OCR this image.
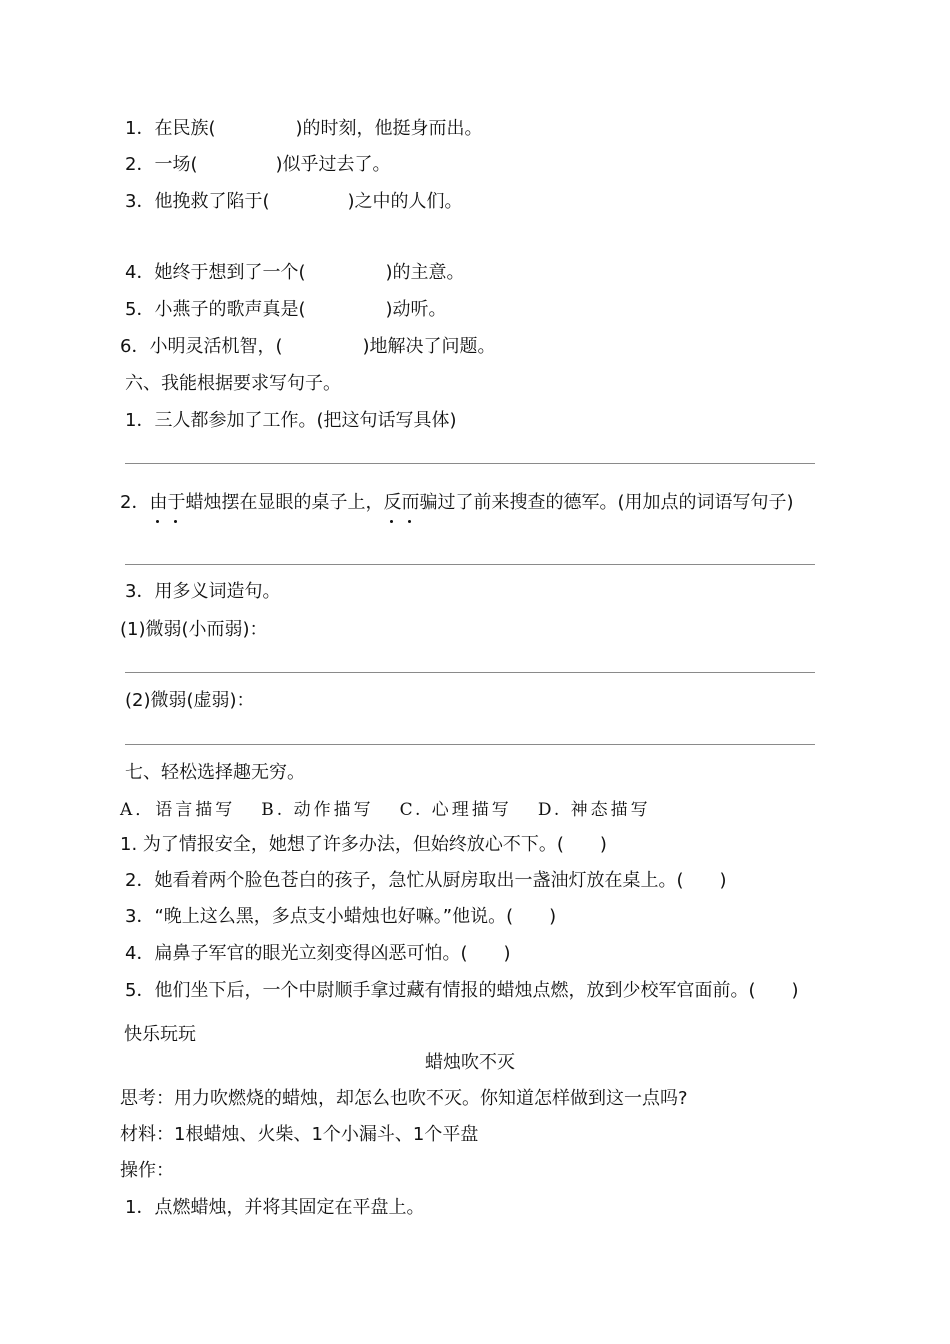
1．在民族(	)的时刻，他挺身而出。
2．一场(	)似乎过去了。
3．他挽救了陷于(	)之中的人们。
4．她终于想到了一个(	)的主意。
5．小燕子的歌声真是(	)动听。
6．小明灵活机智，(	)地解决了问题。
六、我能根据要求写句子。
1．三人都参加了工作。(把这句话写具体)
2．由于蜡烛摆在显眼的桌子上，反而骗过了前来搜查的德军。(用加点的词语写句子)
3．用多义词造句。
(1)微弱(小而弱)：
(2)微弱(虚弱)：
七、轻松选择趣无穷。
A．语言描写 B. 动作描写 C. 心理描写 D. 神态描写
1. 为了情报安全，她想了许多办法，但始终放心不下。(　　)
2．她看着两个脸色苍白的孩子，急忙从厨房取出一盏油灯放在桌上。(　　)
3．“晚上这么黑，多点支小蜡烛也好嘛。”他说。(　　)
4．扁鼻子军官的眼光立刻变得凶恶可怕。(　　)
5．他们坐下后，一个中尉顺手拿过藏有情报的蜡烛点燃，放到少校军官面前。(　　)
快乐玩玩
蜡烛吹不灭
思考：用力吹燃烧的蜡烛，却怎么也吹不灭。你知道怎样做到这一点吗?
材料：1根蜡烛、火柴、1个小漏斗、1个平盘
操作：
1．点燃蜡烛，并将其固定在平盘上。
